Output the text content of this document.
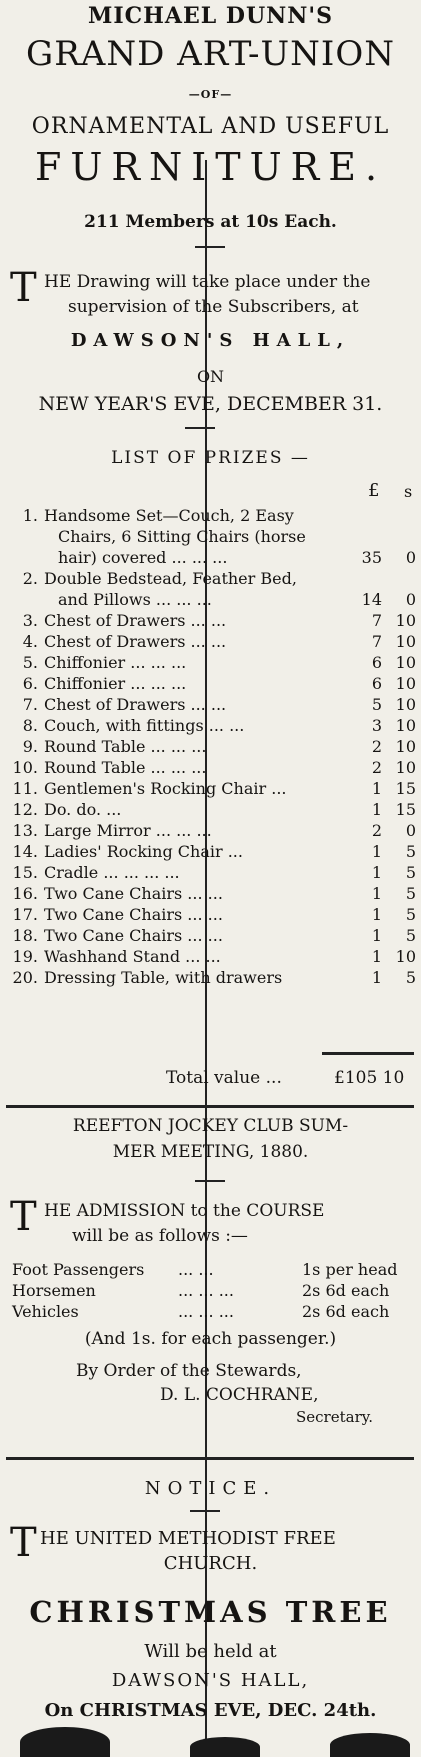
MICHAEL DUNN'S
GRAND ART-UNION
—OF—
ORNAMENTAL AND USEFUL
FURNITURE.
211 Members at 10s Each.
T HE Drawing will take place under the
supervision of the Subscribers, at
DAWSON'S HALL,
ON
NEW YEAR'S EVE, DECEMBER 31.
LIST OF PRIZES —
£ s
1. Handsome Set—Couch, 2 Easy
Chairs, 6 Sitting Chairs (horse
hair) covered ... ... ...	35	0
2. Double Bedstead, Feather Bed,
and Pillows ... ... ...	14	0
3. Chest of Drawers ... ...	7 10
4. Chest of Drawers ... ...	7 10
5. Chiffonier ... ... ...	6 10
6. Chiffonier ... ... ...	6 10
7. Chest of Drawers ... ...	5 10
8. Couch, with fittings ... ...	3 10
9. Round Table ... ... ...	2 10
10. Round Table ... ... ...	2 10
11. Gentlemen's Rocking Chair ...	1 15
12. Do. do. ...	1 15
13. Large Mirror ... ... ...	2	0
14. Ladies' Rocking Chair ...	1	5
15. Cradle ... ... ... ...	1	5
16. Two Cane Chairs ... ...	1	5
17. Two Cane Chairs ... ...	1	5
18. Two Cane Chairs ... ...	1	5
19. Washhand Stand ... ...	1 10
20. Dressing Table, with drawers	1	5
Total value ...	£105 10
REEFTON JOCKEY CLUB SUM-
MER MEETING, 1880.
T HE ADMISSION to the COURSE
will be as follows :—
Foot Passengers ... ...	1s per head
Horsemen	... ... ...	2s 6d each
Vehicles	... ... ...	2s 6d each
(And 1s. for each passenger.)
By Order of the Stewards,
D. L. COCHRANE,
Secretary.
NOTICE.
T HE UNITED METHODIST FREE
CHURCH.
CHRISTMAS TREE
Will be held at
DAWSON'S HALL,
On CHRISTMAS EVE, DEC. 24th.
